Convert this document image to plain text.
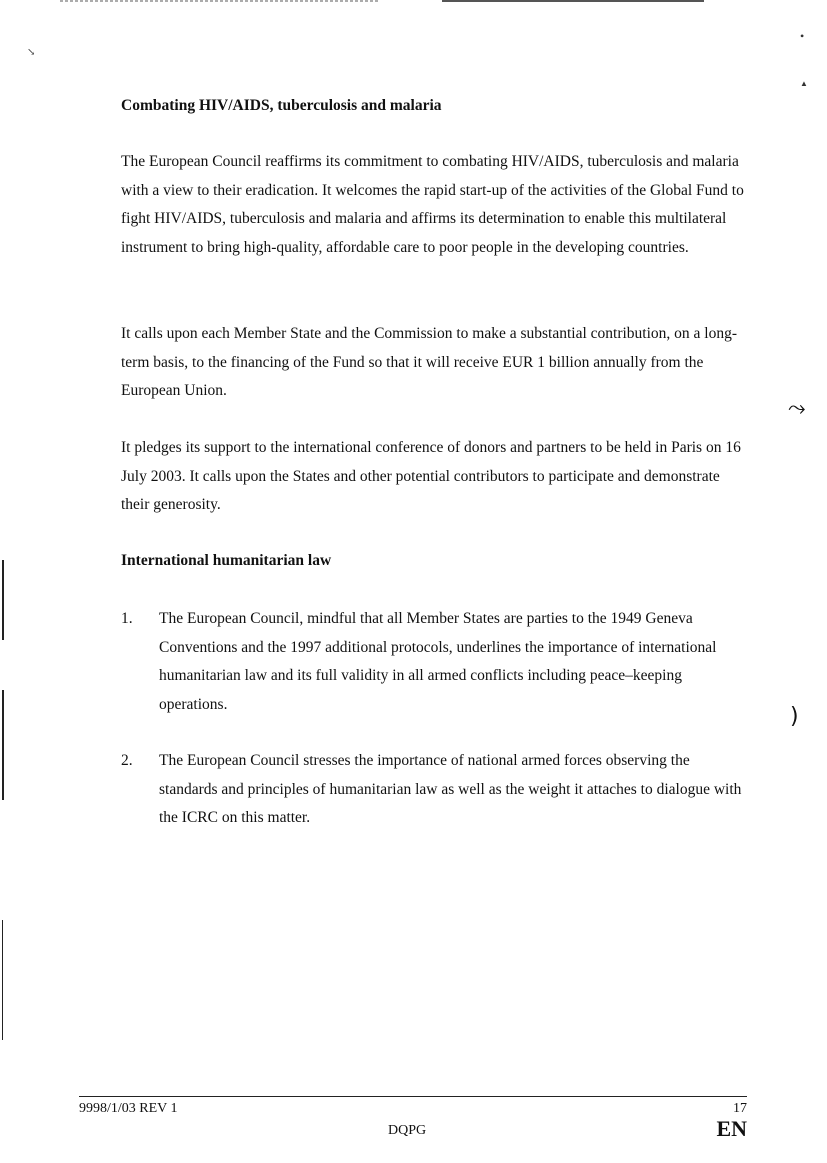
↘
•
▲
⤳
)
Combating HIV/AIDS, tuberculosis and malaria

The European Council reaffirms its commitment to combating HIV/AIDS, tuberculosis and malaria with a view to their eradication. It welcomes the rapid start-up of the activities of the Global Fund to fight HIV/AIDS, tuberculosis and malaria and affirms its determination to enable this multilateral instrument to bring high-quality, affordable care to poor people in the developing countries.

It calls upon each Member State and the Commission to make a substantial contribution, on a long-term basis, to the financing of the Fund so that it will receive EUR 1 billion annually from the European Union.

It pledges its support to the international conference of donors and partners to be held in Paris on 16 July 2003. It calls upon the States and other potential contributors to participate and demonstrate their generosity.

International humanitarian law
1. The European Council, mindful that all Member States are parties to the 1949 Geneva Conventions and the 1997 additional protocols, underlines the importance of international humanitarian law and its full validity in all armed conflicts including peace–keeping operations.

2. The European Council stresses the importance of national armed forces observing the standards and principles of humanitarian law as well as the weight it attaches to dialogue with the ICRC on this matter.

9998/1/03 REV 1
DQPG
17
EN
